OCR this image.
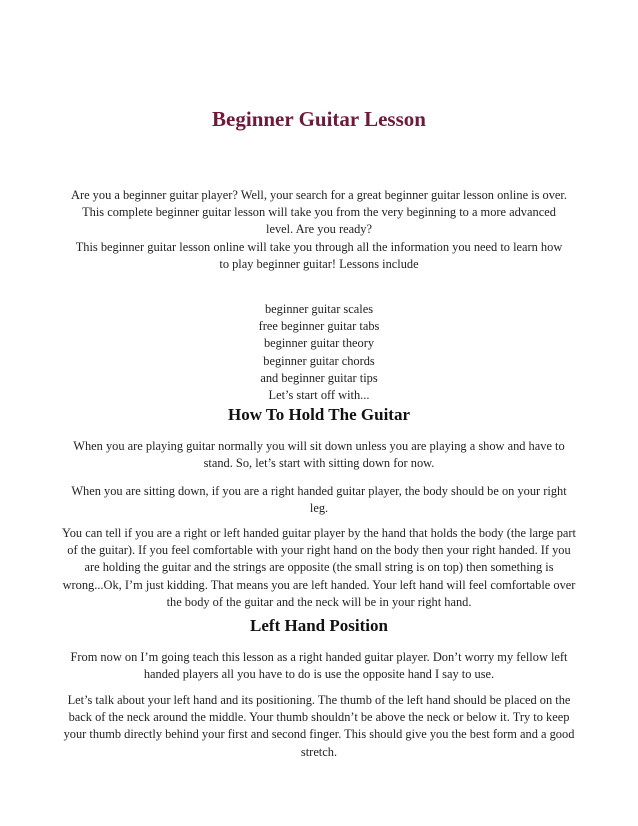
Beginner Guitar Lesson

Are you a beginner guitar player? Well, your search for a great beginner guitar lesson online is over. This complete beginner guitar lesson will take you from the very beginning to a more advanced level. Are you ready?

This beginner guitar lesson online will take you through all the information you need to learn how to play beginner guitar! Lessons include

beginner guitar scales
free beginner guitar tabs
beginner guitar theory
beginner guitar chords
and beginner guitar tips
Let’s start off with...
How To Hold The Guitar

When you are playing guitar normally you will sit down unless you are playing a show and have to stand. So, let’s start with sitting down for now.

When you are sitting down, if you are a right handed guitar player, the body should be on your right leg.

You can tell if you are a right or left handed guitar player by the hand that holds the body (the large part of the guitar). If you feel comfortable with your right hand on the body then your right handed. If you are holding the guitar and the strings are opposite (the small string is on top) then something is wrong...Ok, I’m just kidding. That means you are left handed. Your left hand will feel comfortable over the body of the guitar and the neck will be in your right hand.

Left Hand Position

From now on I’m going teach this lesson as a right handed guitar player. Don’t worry my fellow left handed players all you have to do is use the opposite hand I say to use.

Let’s talk about your left hand and its positioning. The thumb of the left hand should be placed on the back of the neck around the middle. Your thumb shouldn’t be above the neck or below it. Try to keep your thumb directly behind your first and second finger. This should give you the best form and a good stretch.
